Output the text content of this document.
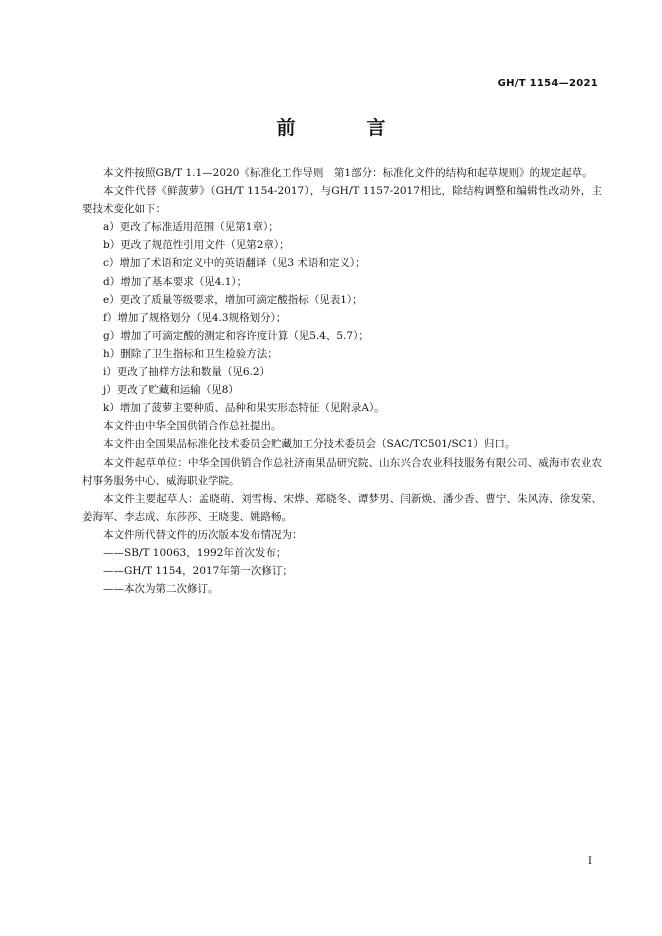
GH/T 1154—2021
前　言

本文件按照GB/T 1.1—2020《标准化工作导则　第1部分：标准化文件的结构和起草规则》的规定起草。

本文件代替《鲜菠萝》（GH/T 1154-2017），与GH/T 1157-2017相比，除结构调整和编辑性改动外，主要技术变化如下：

a）更改了标准适用范围（见第1章）；

b）更改了规范性引用文件（见第2章）；

c）增加了术语和定义中的英语翻译（见3 术语和定义）；

d）增加了基本要求（见4.1）；

e）更改了质量等级要求，增加可滴定酸指标（见表1）；

f）增加了规格划分（见4.3规格划分）；

g）增加了可滴定酸的测定和容许度计算（见5.4、5.7）；

h）删除了卫生指标和卫生检验方法；

i）更改了抽样方法和数量（见6.2）

j）更改了贮藏和运输（见8）

k）增加了菠萝主要种质、品种和果实形态特征（见附录A）。

本文件由中华全国供销合作总社提出。

本文件由全国果品标准化技术委员会贮藏加工分技术委员会（SAC/TC501/SC1）归口。

本文件起草单位：中华全国供销合作总社济南果品研究院、山东兴合农业科技服务有限公司、威海市农业农村事务服务中心、威海职业学院。

本文件主要起草人：孟晓萌、刘雪梅、宋烨、郑晓冬、谭梦男、闫新焕、潘少香、曹宁、朱风涛、徐发荣、姜海军、李志成、东莎莎、王晓斐、姚路畅。

本文件所代替文件的历次版本发布情况为：

——SB/T 10063，1992年首次发布；

——GH/T 1154，2017年第一次修订；

——本次为第二次修订。

I
